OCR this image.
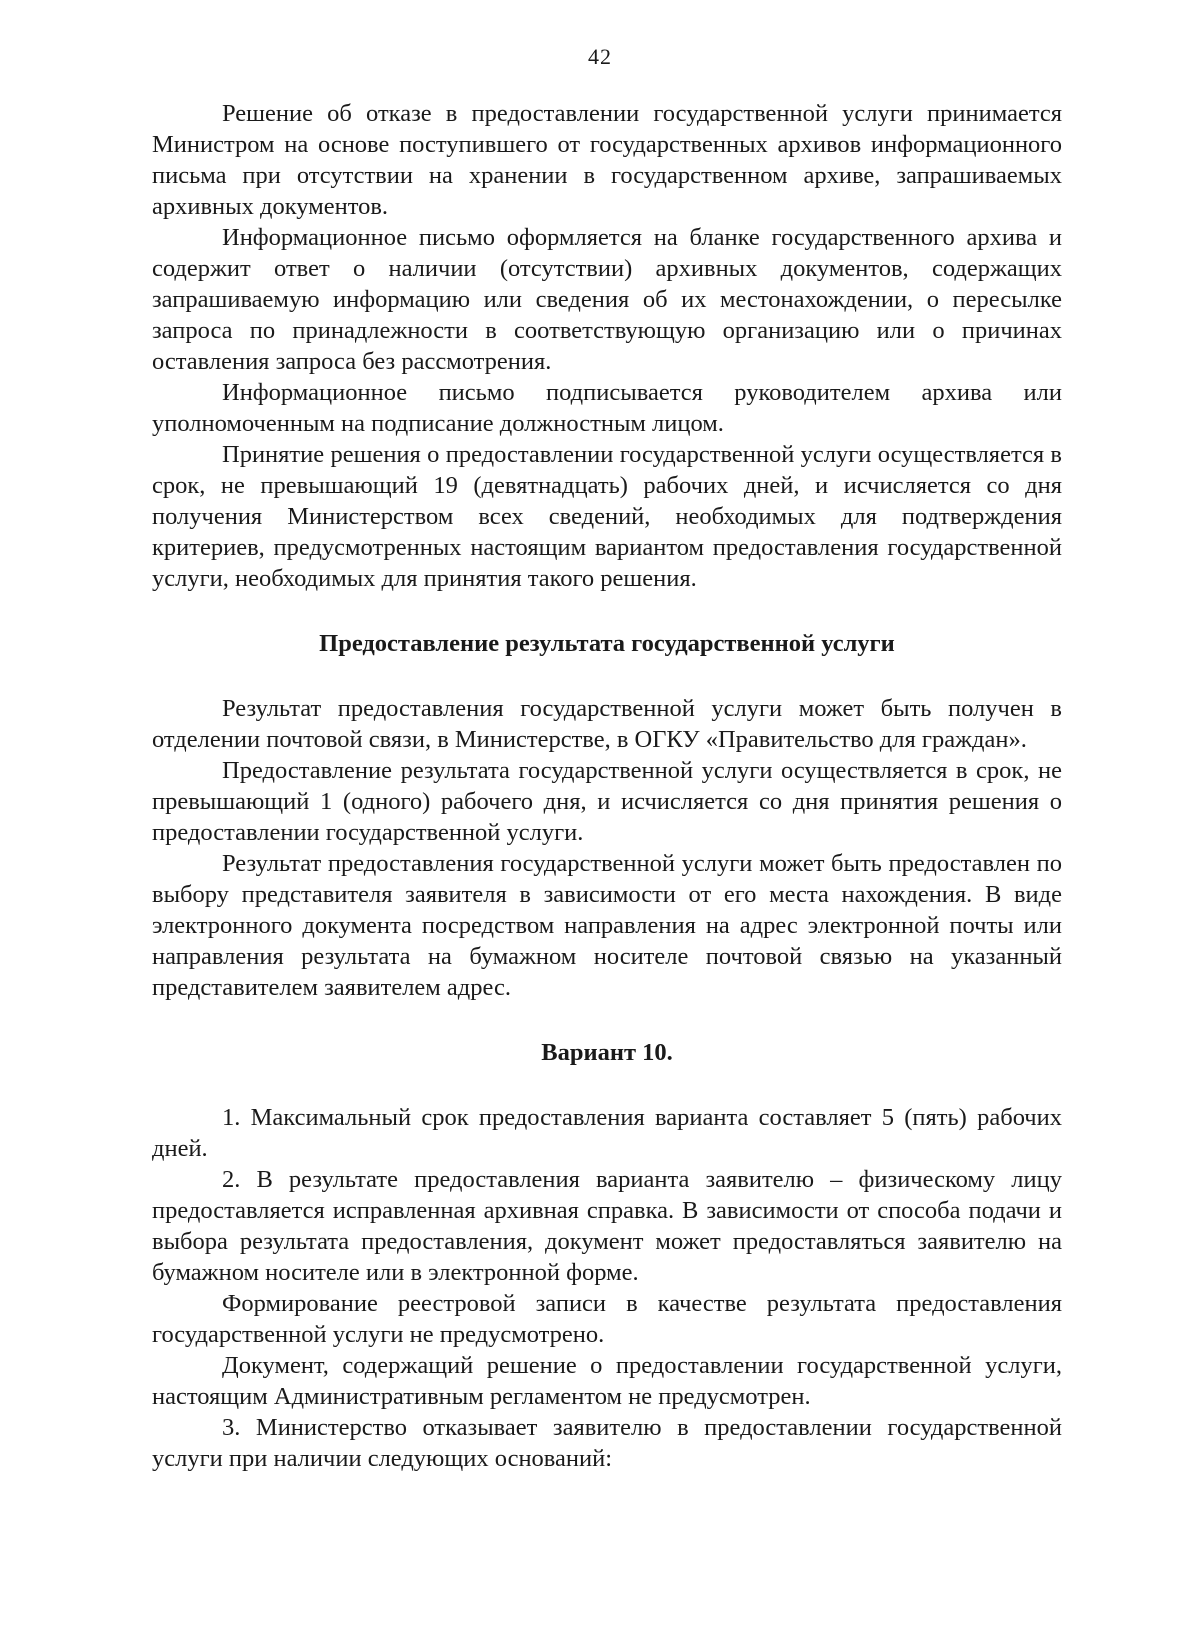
42

Решение об отказе в предоставлении государственной услуги принимается Министром на основе поступившего от государственных архивов информационного письма при отсутствии на хранении в государственном архиве, запрашиваемых архивных документов.

Информационное письмо оформляется на бланке государственного архива и содержит ответ о наличии (отсутствии) архивных документов, содержащих запрашиваемую информацию или сведения об их местонахождении, о пересылке запроса по принадлежности в соответствующую организацию или о причинах оставления запроса без рассмотрения.

Информационное письмо подписывается руководителем архива или уполномоченным на подписание должностным лицом.

Принятие решения о предоставлении государственной услуги осуществляется в срок, не превышающий 19 (девятнадцать) рабочих дней, и исчисляется со дня получения Министерством всех сведений, необходимых для подтверждения критериев, предусмотренных настоящим вариантом предоставления государственной услуги, необходимых для принятия такого решения.

Предоставление результата государственной услуги

Результат предоставления государственной услуги может быть получен в отделении почтовой связи, в Министерстве, в ОГКУ «Правительство для граждан».

Предоставление результата государственной услуги осуществляется в срок, не превышающий 1 (одного) рабочего дня, и исчисляется со дня принятия решения о предоставлении государственной услуги.

Результат предоставления государственной услуги может быть предоставлен по выбору представителя заявителя в зависимости от его места нахождения. В виде электронного документа посредством направления на адрес электронной почты или направления результата на бумажном носителе почтовой связью на указанный представителем заявителем адрес.

Вариант 10.

1. Максимальный срок предоставления варианта составляет 5 (пять) рабочих дней.

2. В результате предоставления варианта заявителю – физическому лицу предоставляется исправленная архивная справка. В зависимости от способа подачи и выбора результата предоставления, документ может предоставляться заявителю на бумажном носителе или в электронной форме.

Формирование реестровой записи в качестве результата предоставления государственной услуги не предусмотрено.

Документ, содержащий решение о предоставлении государственной услуги, настоящим Административным регламентом не предусмотрен.

3. Министерство отказывает заявителю в предоставлении государственной услуги при наличии следующих оснований:
